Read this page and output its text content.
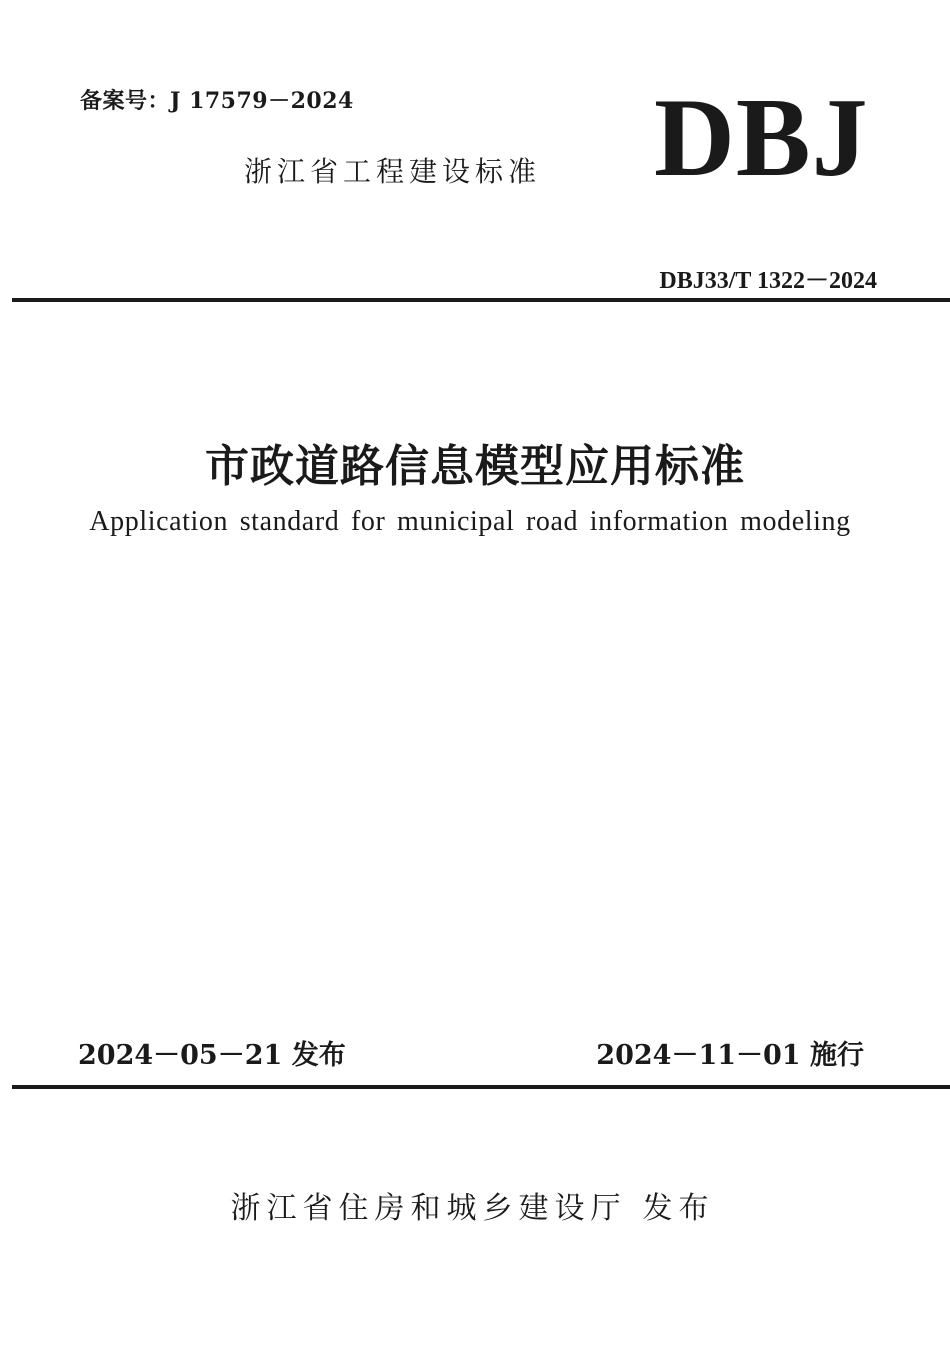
备案号：J 17579－2024
浙江省工程建设标准 DBJ
DBJ33/T 1322－2024
市政道路信息模型应用标准
Application standard for municipal road information modeling
2024－05－21 发布	2024－11－01 施行
浙江省住房和城乡建设厅 发布
